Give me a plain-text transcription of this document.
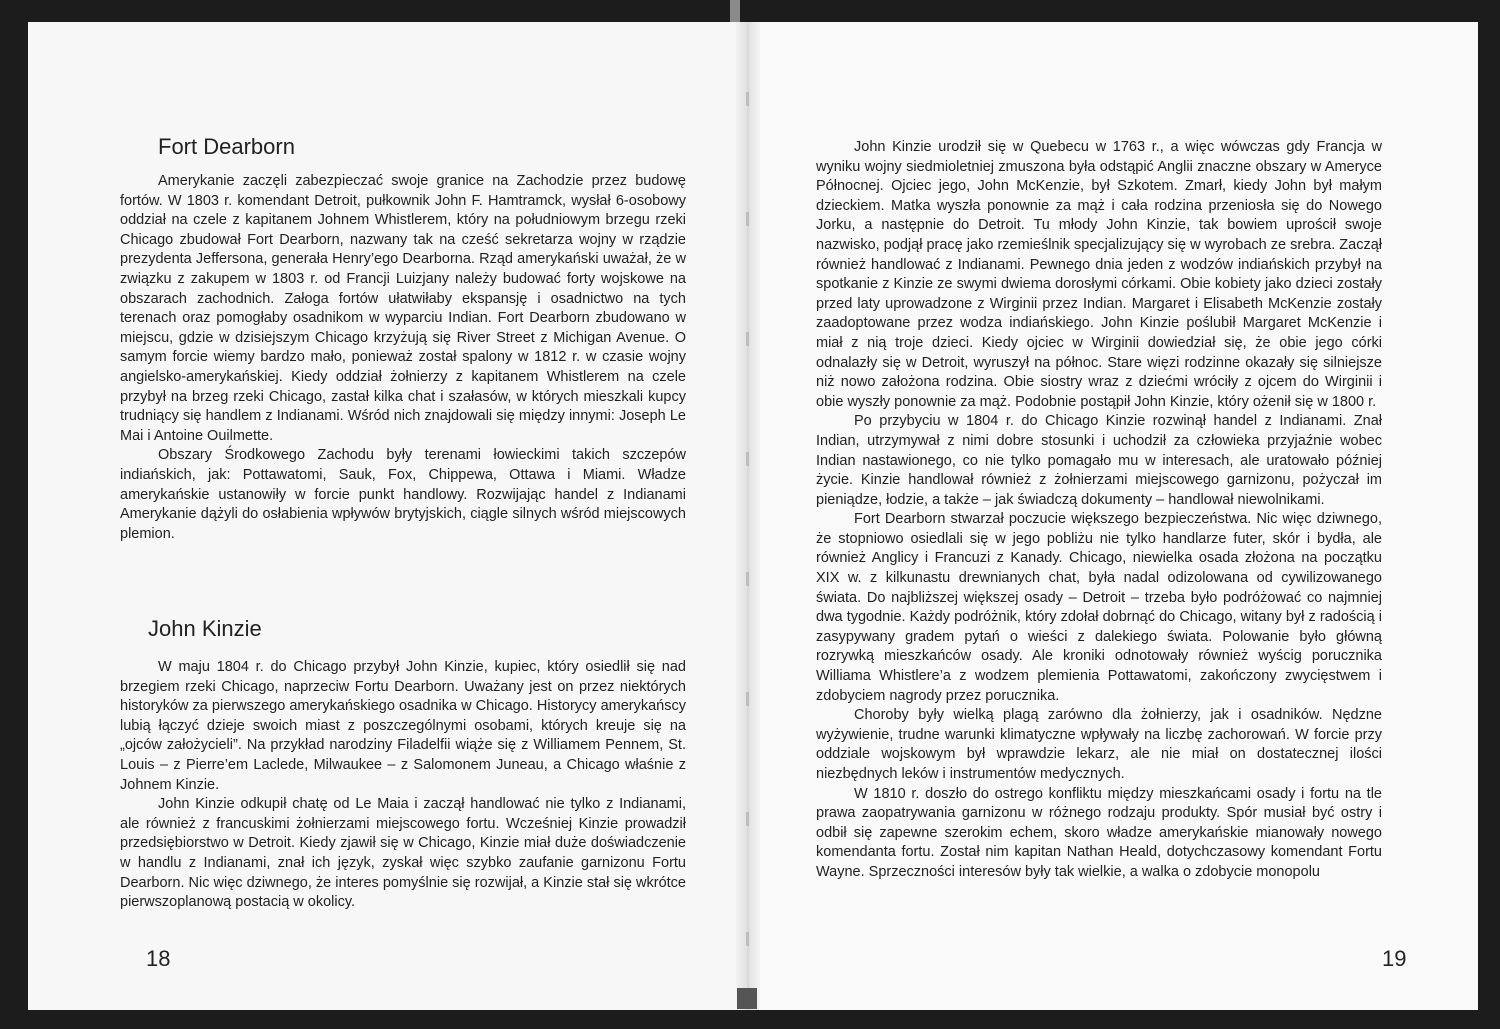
Fort Dearborn

Amerykanie zaczęli zabezpieczać swoje granice na Zachodzie przez budowę fortów. W 1803 r. komendant Detroit, pułkownik John F. Hamtramck, wysłał 6-osobowy oddział na czele z kapitanem Johnem Whistlerem, który na południowym brzegu rzeki Chicago zbudował Fort Dearborn, nazwany tak na cześć sekretarza wojny w rządzie prezydenta Jeffersona, generała Henry’ego Dearborna. Rząd amerykański uważał, że w związku z zakupem w 1803 r. od Francji Luizjany należy budować forty wojskowe na obszarach zachodnich. Załoga fortów ułatwiłaby ekspansję i osadnictwo na tych terenach oraz pomogłaby osadnikom w wyparciu Indian. Fort Dearborn zbudowano w miejscu, gdzie w dzisiejszym Chicago krzyżują się River Street z Michigan Avenue. O samym forcie wiemy bardzo mało, ponieważ został spalony w 1812 r. w czasie wojny angielsko-amerykańskiej. Kiedy oddział żołnierzy z kapitanem Whistlerem na czele przybył na brzeg rzeki Chicago, zastał kilka chat i szałasów, w których mieszkali kupcy trudniący się handlem z Indianami. Wśród nich znajdowali się między innymi: Joseph Le Mai i Antoine Ouilmette.

Obszary Środkowego Zachodu były terenami łowieckimi takich szczepów indiańskich, jak: Pottawatomi, Sauk, Fox, Chippewa, Ottawa i Miami. Władze amerykańskie ustanowiły w forcie punkt handlowy. Rozwijając handel z Indianami Amerykanie dążyli do osłabienia wpływów brytyjskich, ciągle silnych wśród miejscowych plemion.

John Kinzie

W maju 1804 r. do Chicago przybył John Kinzie, kupiec, który osiedlił się nad brzegiem rzeki Chicago, naprzeciw Fortu Dearborn. Uważany jest on przez niektórych historyków za pierwszego amerykańskiego osadnika w Chicago. Historycy amerykańscy lubią łączyć dzieje swoich miast z poszczególnymi osobami, których kreuje się na „ojców założycieli”. Na przykład narodziny Filadelfii wiąże się z Williamem Pennem, St. Louis – z Pierre’em Laclede, Milwaukee – z Salomonem Juneau, a Chicago właśnie z Johnem Kinzie.

John Kinzie odkupił chatę od Le Maia i zaczął handlować nie tylko z Indianami, ale również z francuskimi żołnierzami miejscowego fortu. Wcześniej Kinzie prowadził przedsiębiorstwo w Detroit. Kiedy zjawił się w Chicago, Kinzie miał duże doświadczenie w handlu z Indianami, znał ich język, zyskał więc szybko zaufanie garnizonu Fortu Dearborn. Nic więc dziwnego, że interes pomyślnie się rozwijał, a Kinzie stał się wkrótce pierwszoplanową postacią w okolicy.

18

John Kinzie urodził się w Quebecu w 1763 r., a więc wówczas gdy Francja w wyniku wojny siedmioletniej zmuszona była odstąpić Anglii znaczne obszary w Ameryce Północnej. Ojciec jego, John McKenzie, był Szkotem. Zmarł, kiedy John był małym dzieckiem. Matka wyszła ponownie za mąż i cała rodzina przeniosła się do Nowego Jorku, a następnie do Detroit. Tu młody John Kinzie, tak bowiem uprościł swoje nazwisko, podjął pracę jako rzemieślnik specjalizujący się w wyrobach ze srebra. Zaczął również handlować z Indianami. Pewnego dnia jeden z wodzów indiańskich przybył na spotkanie z Kinzie ze swymi dwiema dorosłymi córkami. Obie kobiety jako dzieci zostały przed laty uprowadzone z Wirginii przez Indian. Margaret i Elisabeth McKenzie zostały zaadoptowane przez wodza indiańskiego. John Kinzie poślubił Margaret McKenzie i miał z nią troje dzieci. Kiedy ojciec w Wirginii dowiedział się, że obie jego córki odnalazły się w Detroit, wyruszył na północ. Stare więzi rodzinne okazały się silniejsze niż nowo założona rodzina. Obie siostry wraz z dziećmi wróciły z ojcem do Wirginii i obie wyszły ponownie za mąż. Podobnie postąpił John Kinzie, który ożenił się w 1800 r.

Po przybyciu w 1804 r. do Chicago Kinzie rozwinął handel z Indianami. Znał Indian, utrzymywał z nimi dobre stosunki i uchodził za człowieka przyjaźnie wobec Indian nastawionego, co nie tylko pomagało mu w interesach, ale uratowało później życie. Kinzie handlował również z żołnierzami miejscowego garnizonu, pożyczał im pieniądze, łodzie, a także – jak świadczą dokumenty – handlował niewolnikami.

Fort Dearborn stwarzał poczucie większego bezpieczeństwa. Nic więc dziwnego, że stopniowo osiedlali się w jego pobliżu nie tylko handlarze futer, skór i bydła, ale również Anglicy i Francuzi z Kanady. Chicago, niewielka osada złożona na początku XIX w. z kilkunastu drewnianych chat, była nadal odizolowana od cywilizowanego świata. Do najbliższej większej osady – Detroit – trzeba było podróżować co najmniej dwa tygodnie. Każdy podróżnik, który zdołał dobrnąć do Chicago, witany był z radością i zasypywany gradem pytań o wieści z dalekiego świata. Polowanie było główną rozrywką mieszkańców osady. Ale kroniki odnotowały również wyścig porucznika Williama Whistlere’a z wodzem plemienia Pottawatomi, zakończony zwycięstwem i zdobyciem nagrody przez porucznika.

Choroby były wielką plagą zarówno dla żołnierzy, jak i osadników. Nędzne wyżywienie, trudne warunki klimatyczne wpływały na liczbę zachorowań. W forcie przy oddziale wojskowym był wprawdzie lekarz, ale nie miał on dostatecznej ilości niezbędnych leków i instrumentów medycznych.

W 1810 r. doszło do ostrego konfliktu między mieszkańcami osady i fortu na tle prawa zaopatrywania garnizonu w różnego rodzaju produkty. Spór musiał być ostry i odbił się zapewne szerokim echem, skoro władze amerykańskie mianowały nowego komendanta fortu. Został nim kapitan Nathan Heald, dotychczasowy komendant Fortu Wayne. Sprzeczności interesów były tak wielkie, a walka o zdobycie monopolu

19
